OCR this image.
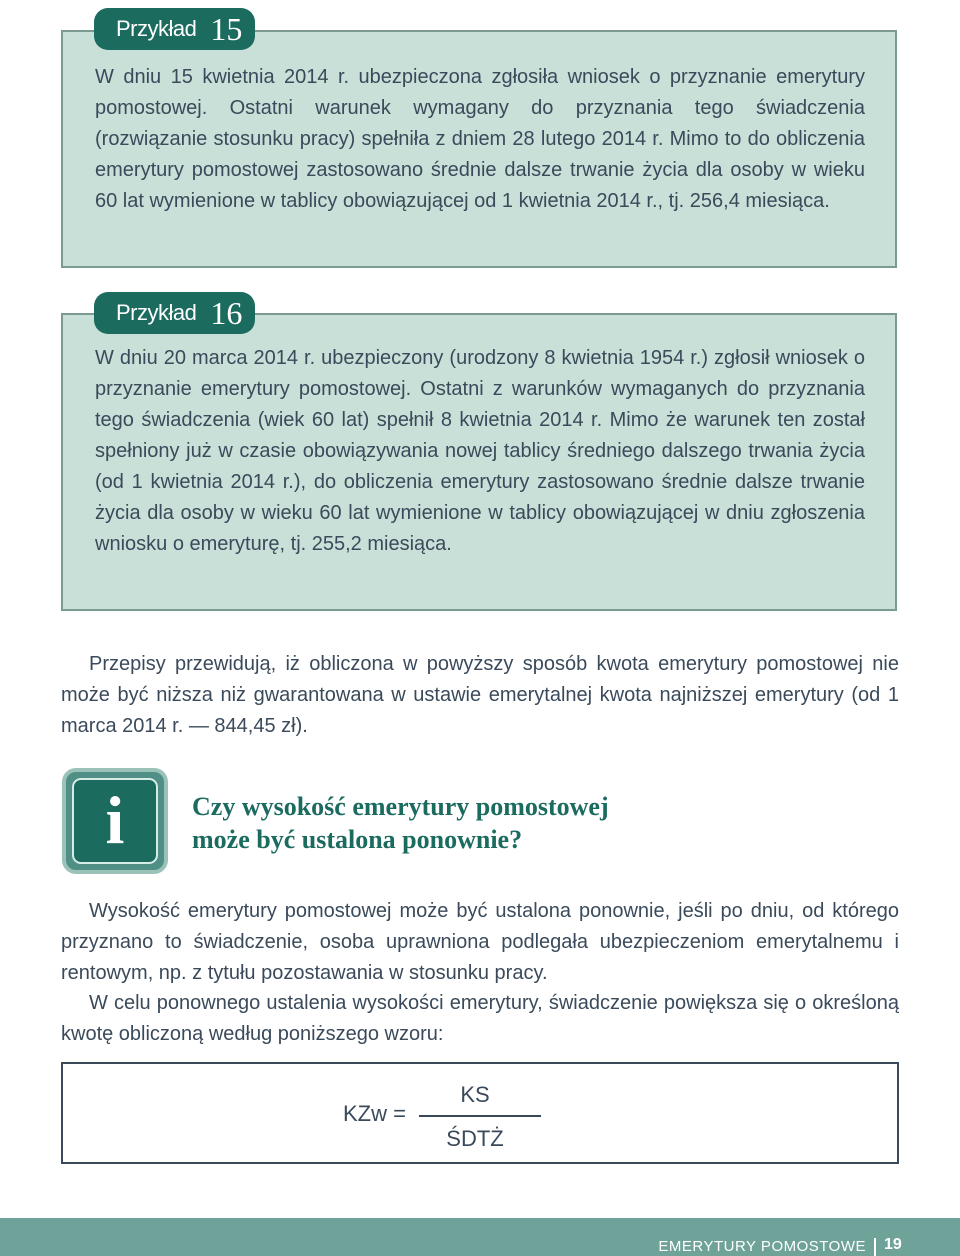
W dniu 15 kwietnia 2014 r. ubezpieczona zgłosiła wniosek o przyznanie emerytury pomostowej. Ostatni warunek wymagany do przyznania tego świadczenia (rozwiązanie stosunku pracy) spełniła z dniem 28 lutego 2014 r. Mimo to do obliczenia emerytury pomostowej zastosowano średnie dalsze trwanie życia dla osoby w wieku 60 lat wymienione w tablicy obowiązującej od 1 kwietnia 2014 r., tj. 256,4 miesiąca.

Przykład 15

W dniu 20 marca 2014 r. ubezpieczony (urodzony 8 kwietnia 1954 r.) zgłosił wniosek o przyznanie emerytury pomostowej. Ostatni z warunków wymaganych do przyznania tego świadczenia (wiek 60 lat) spełnił 8 kwietnia 2014 r. Mimo że warunek ten został spełniony już w czasie obowiązywania nowej tablicy średniego dalszego trwania życia (od 1 kwietnia 2014 r.), do obliczenia emerytury zastosowano średnie dalsze trwanie życia dla osoby w wieku 60 lat wymienione w tablicy obowiązującej w dniu zgłoszenia wniosku o emeryturę, tj. 255,2 miesiąca.

Przykład 16

Przepisy przewidują, iż obliczona w powyższy sposób kwota emerytury pomostowej nie może być niższa niż gwarantowana w ustawie emerytalnej kwota najniższej emerytury (od 1 marca 2014 r. — 844,45 zł).

i	Czy wysokość emerytury pomostowej
może być ustalona ponownie?

Wysokość emerytury pomostowej może być ustalona ponownie, jeśli po dniu, od którego przyznano to świadczenie, osoba uprawniona podlegała ubezpieczeniom emerytalnemu i rentowym, np. z tytułu pozostawania w stosunku pracy.

W celu ponownego ustalenia wysokości emerytury, świadczenie powiększa się o określoną kwotę obliczoną według poniższego wzoru:

KZw =
KS
ŚDTŻ
EMERYTURY POMOSTOWE 19
